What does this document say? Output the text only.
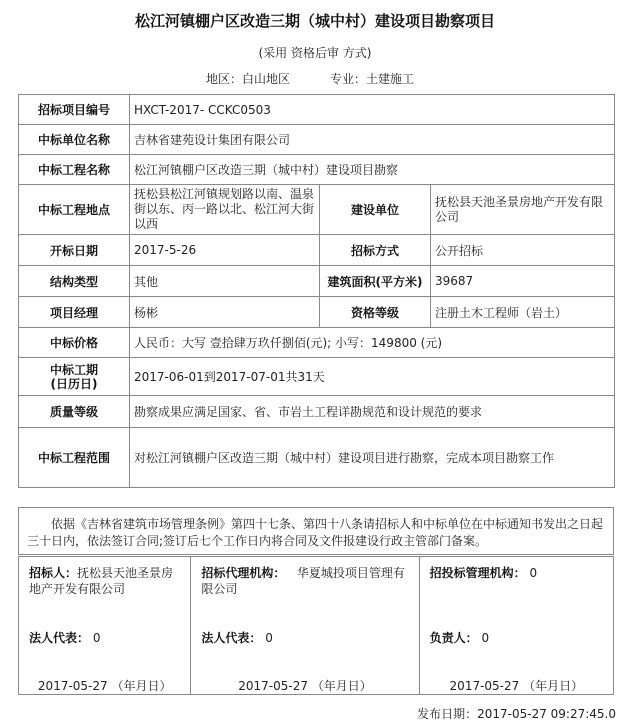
松江河镇棚户区改造三期（城中村）建设项目勘察项目
(采用 资格后审 方式)
地区：白山地区	专业：土建施工
招标项目编号	HXCT-2017- CCKC0503		
中标单位名称	吉林省建苑设计集团有限公司		
中标工程名称	松江河镇棚户区改造三期（城中村）建设项目勘察		
中标工程地点	抚松县松江河镇规划路以南、温泉街以东、丙一路以北、松江河大街以西	建设单位	抚松县天池圣景房地产开发有限公司
开标日期	2017-5-26	招标方式	公开招标
结构类型	其他	建筑面积(平方米)	39687
项目经理	杨彬	资格等级	注册土木工程师（岩土）
中标价格	人民币：大写 壹拾肆万玖仟捌佰(元); 小写：149800 (元)		

中标工期
(日历日)	2017-06-01到2017-07-01共31天		
质量等级	勘察成果应满足国家、省、市岩土工程详勘规范和设计规范的要求		
中标工程范围	对松江河镇棚户区改造三期（城中村）建设项目进行勘察，完成本项目勘察工作		
依据《吉林省建筑市场管理条例》第四十七条、第四十八条请招标人和中标单位在中标通知书发出之日起三十日内，依法签订合同;签订后七个工作日内将合同及文件报建设行政主管部门备案。
招标人：抚松县天池圣景房地产开发有限公司
法人代表： 0
2017-05-27 （年月日）
招标代理机构： 华夏城投项目管理有限公司
法人代表： 0
2017-05-27 （年月日）
招投标管理机构： 0
负责人： 0
2017-05-27 （年月日）
发布日期：2017-05-27 09:27:45.0
